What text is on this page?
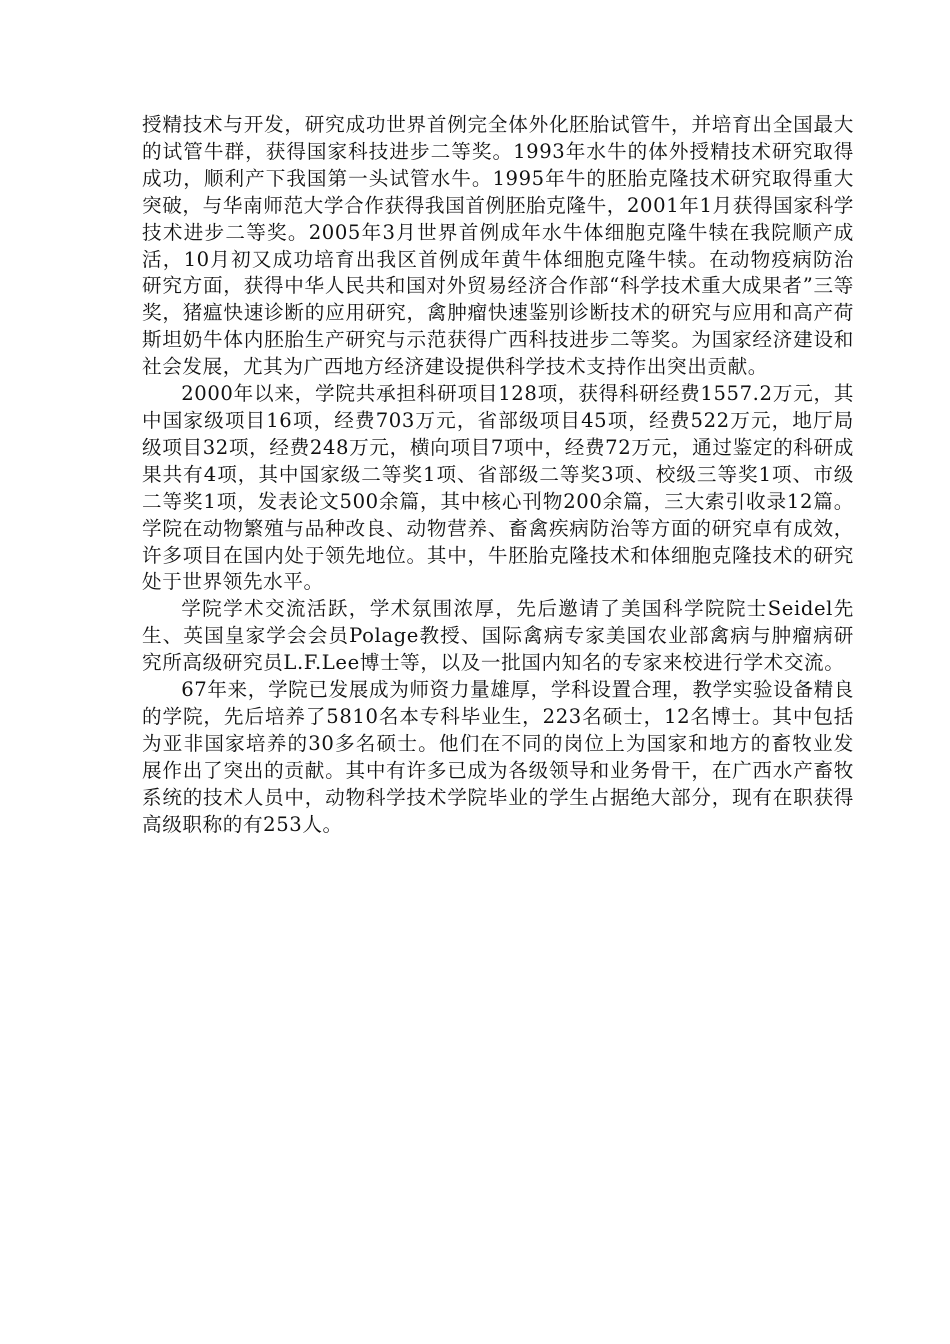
授精技术与开发，研究成功世界首例完全体外化胚胎试管牛，并培育出全国最大的试管牛群，获得国家科技进步二等奖。1993年水牛的体外授精技术研究取得成功，顺利产下我国第一头试管水牛。1995年牛的胚胎克隆技术研究取得重大突破，与华南师范大学合作获得我国首例胚胎克隆牛，2001年1月获得国家科学技术进步二等奖。2005年3月世界首例成年水牛体细胞克隆牛犊在我院顺产成活，10月初又成功培育出我区首例成年黄牛体细胞克隆牛犊。在动物疫病防治研究方面，获得中华人民共和国对外贸易经济合作部“科学技术重大成果者”三等奖，猪瘟快速诊断的应用研究，禽肿瘤快速鉴别诊断技术的研究与应用和高产荷斯坦奶牛体内胚胎生产研究与示范获得广西科技进步二等奖。为国家经济建设和社会发展，尤其为广西地方经济建设提供科学技术支持作出突出贡献。

2000年以来，学院共承担科研项目128项，获得科研经费1557.2万元，其中国家级项目16项，经费703万元，省部级项目45项，经费522万元，地厅局级项目32项，经费248万元，横向项目7项中，经费72万元，通过鉴定的科研成果共有4项，其中国家级二等奖1项、省部级二等奖3项、校级三等奖1项、市级二等奖1项，发表论文500余篇，其中核心刊物200余篇，三大索引收录12篇。学院在动物繁殖与品种改良、动物营养、畜禽疾病防治等方面的研究卓有成效，许多项目在国内处于领先地位。其中，牛胚胎克隆技术和体细胞克隆技术的研究处于世界领先水平。

学院学术交流活跃，学术氛围浓厚，先后邀请了美国科学院院士Seidel先生、英国皇家学会会员Polage教授、国际禽病专家美国农业部禽病与肿瘤病研究所高级研究员L.F.Lee博士等，以及一批国内知名的专家来校进行学术交流。

67年来，学院已发展成为师资力量雄厚，学科设置合理，教学实验设备精良的学院，先后培养了5810名本专科毕业生，223名硕士，12名博士。其中包括为亚非国家培养的30多名硕士。他们在不同的岗位上为国家和地方的畜牧业发展作出了突出的贡献。其中有许多已成为各级领导和业务骨干，在广西水产畜牧系统的技术人员中，动物科学技术学院毕业的学生占据绝大部分，现有在职获得高级职称的有253人。
